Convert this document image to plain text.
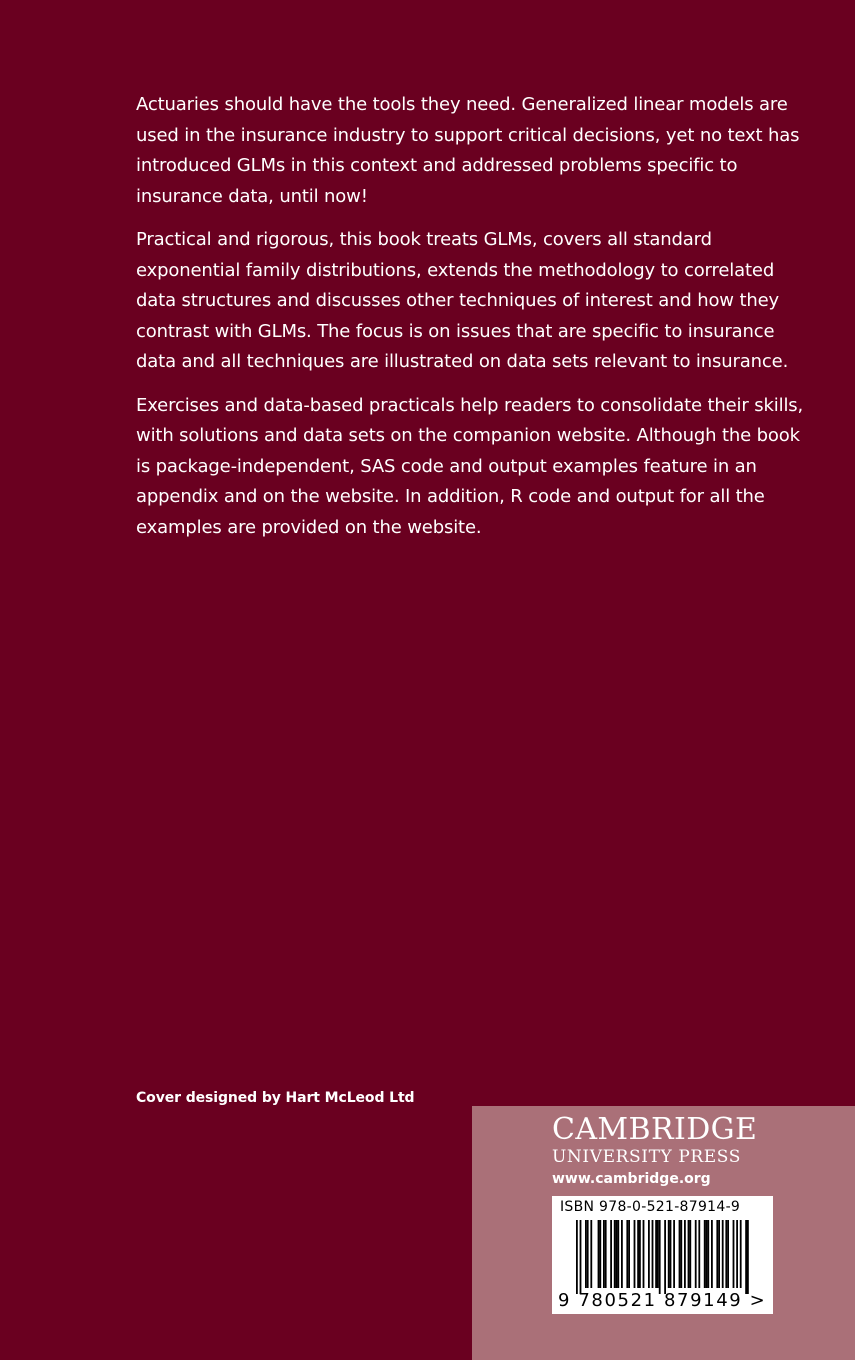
Actuaries should have the tools they need. Generalized linear models are used in the insurance industry to support critical decisions, yet no text has introduced GLMs in this context and addressed problems specific to insurance data, until now!

Practical and rigorous, this book treats GLMs, covers all standard exponential family distributions, extends the methodology to correlated data structures and discusses other techniques of interest and how they contrast with GLMs. The focus is on issues that are specific to insurance data and all techniques are illustrated on data sets relevant to insurance.

Exercises and data-based practicals help readers to consolidate their skills, with solutions and data sets on the companion website. Although the book is package-independent, SAS code and output examples feature in an appendix and on the website. In addition, R code and output for all the examples are provided on the website.

Cover designed by Hart McLeod Ltd
CAMBRIDGE
UNIVERSITY PRESS
www.cambridge.org
ISBN 978-0-521-87914-9
9 780521 879149 >
